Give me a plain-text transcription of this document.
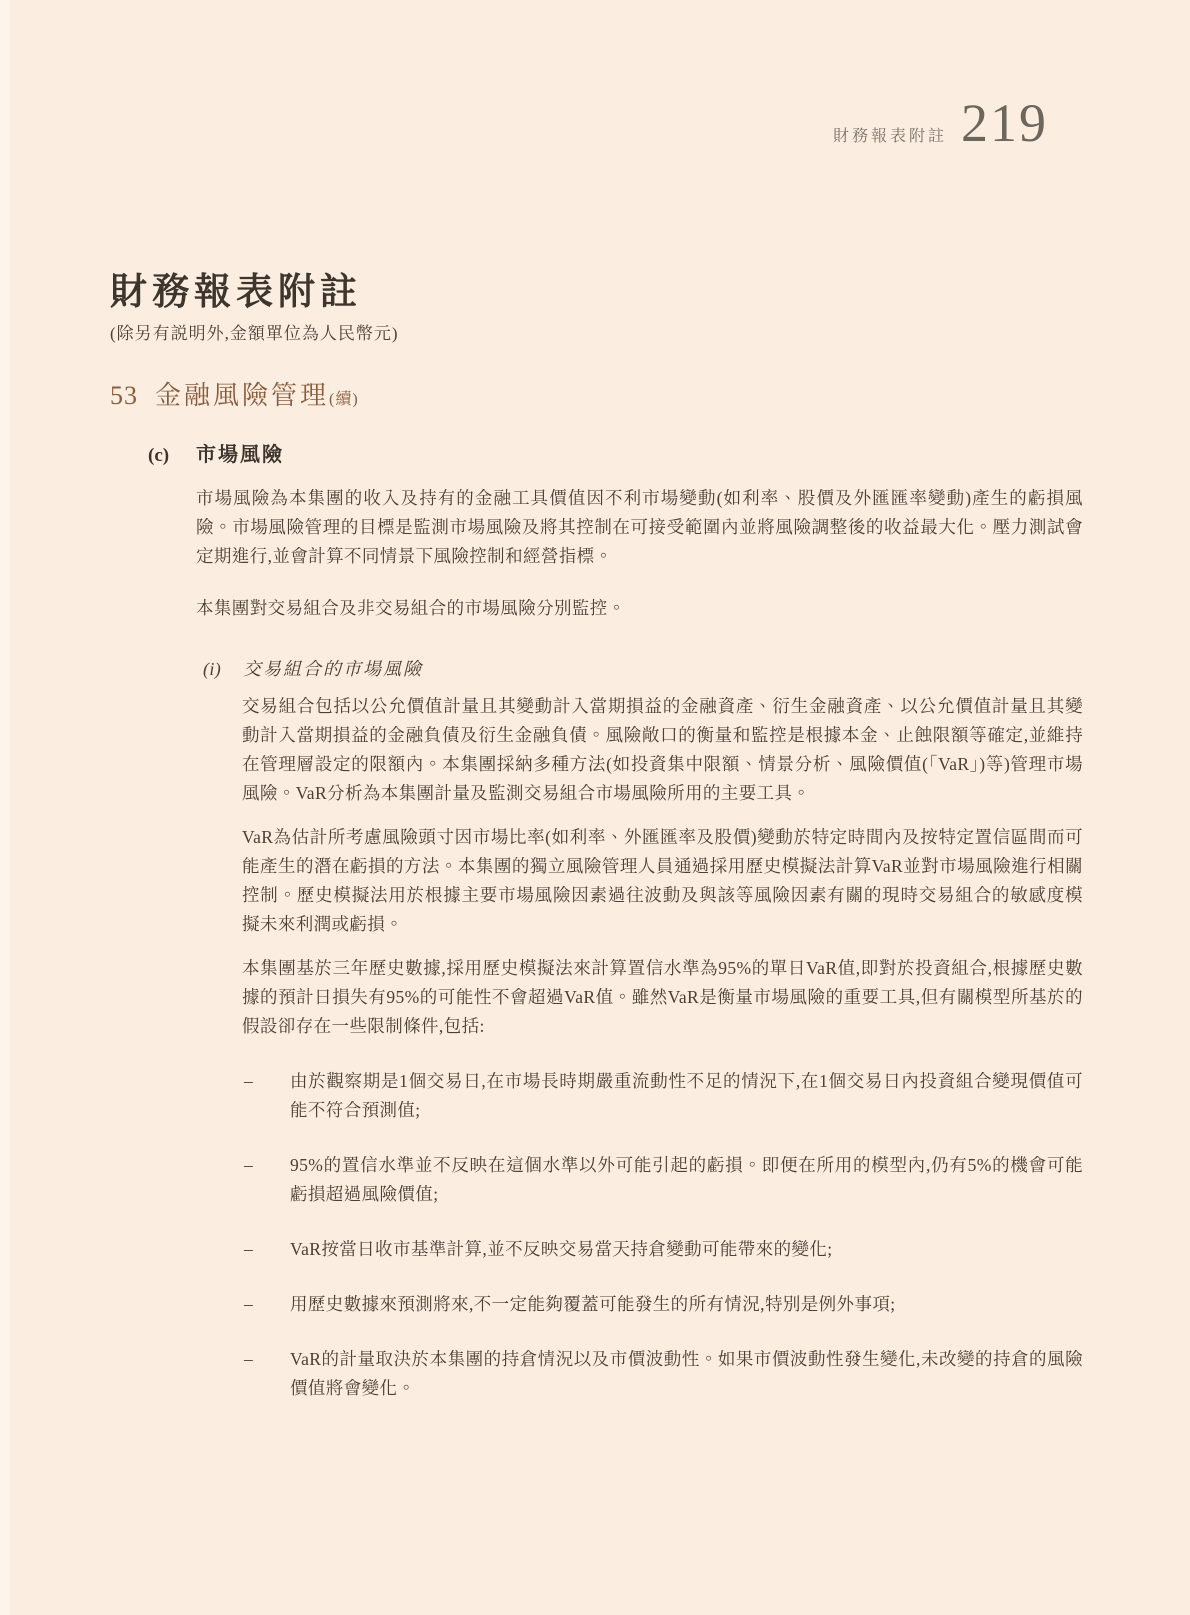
財務報表附註 219
財務報表附註

(除另有説明外,金額單位為人民幣元)

53 金融風險管理(續)
(c)	市場風險

市場風險為本集團的收入及持有的金融工具價值因不利市場變動(如利率、股價及外匯匯率變動)產生的虧損風險。市場風險管理的目標是監測市場風險及將其控制在可接受範圍內並將風險調整後的收益最大化。壓力測試會定期進行,並會計算不同情景下風險控制和經營指標。

本集團對交易組合及非交易組合的市場風險分別監控。

(i)	交易組合的市場風險

交易組合包括以公允價值計量且其變動計入當期損益的金融資產、衍生金融資產、以公允價值計量且其變動計入當期損益的金融負債及衍生金融負債。風險敞口的衡量和監控是根據本金、止蝕限額等確定,並維持在管理層設定的限額內。本集團採納多種方法(如投資集中限額、情景分析、風險價值(「VaR」)等)管理市場風險。VaR分析為本集團計量及監測交易組合市場風險所用的主要工具。

VaR為估計所考慮風險頭寸因市場比率(如利率、外匯匯率及股價)變動於特定時間內及按特定置信區間而可能產生的潛在虧損的方法。本集團的獨立風險管理人員通過採用歷史模擬法計算VaR並對市場風險進行相關控制。歷史模擬法用於根據主要市場風險因素過往波動及與該等風險因素有關的現時交易組合的敏感度模擬未來利潤或虧損。

本集團基於三年歷史數據,採用歷史模擬法來計算置信水準為95%的單日VaR值,即對於投資組合,根據歷史數據的預計日損失有95%的可能性不會超過VaR值。雖然VaR是衡量市場風險的重要工具,但有關模型所基於的假設卻存在一些限制條件,包括:

–	由於觀察期是1個交易日,在市場長時期嚴重流動性不足的情況下,在1個交易日內投資組合變現價值可能不符合預測值;
–	95%的置信水準並不反映在這個水準以外可能引起的虧損。即便在所用的模型內,仍有5%的機會可能虧損超過風險價值;
–	VaR按當日收市基準計算,並不反映交易當天持倉變動可能帶來的變化;
–	用歷史數據來預測將來,不一定能夠覆蓋可能發生的所有情況,特別是例外事項;
–	VaR的計量取決於本集團的持倉情況以及市價波動性。如果市價波動性發生變化,未改變的持倉的風險價值將會變化。
